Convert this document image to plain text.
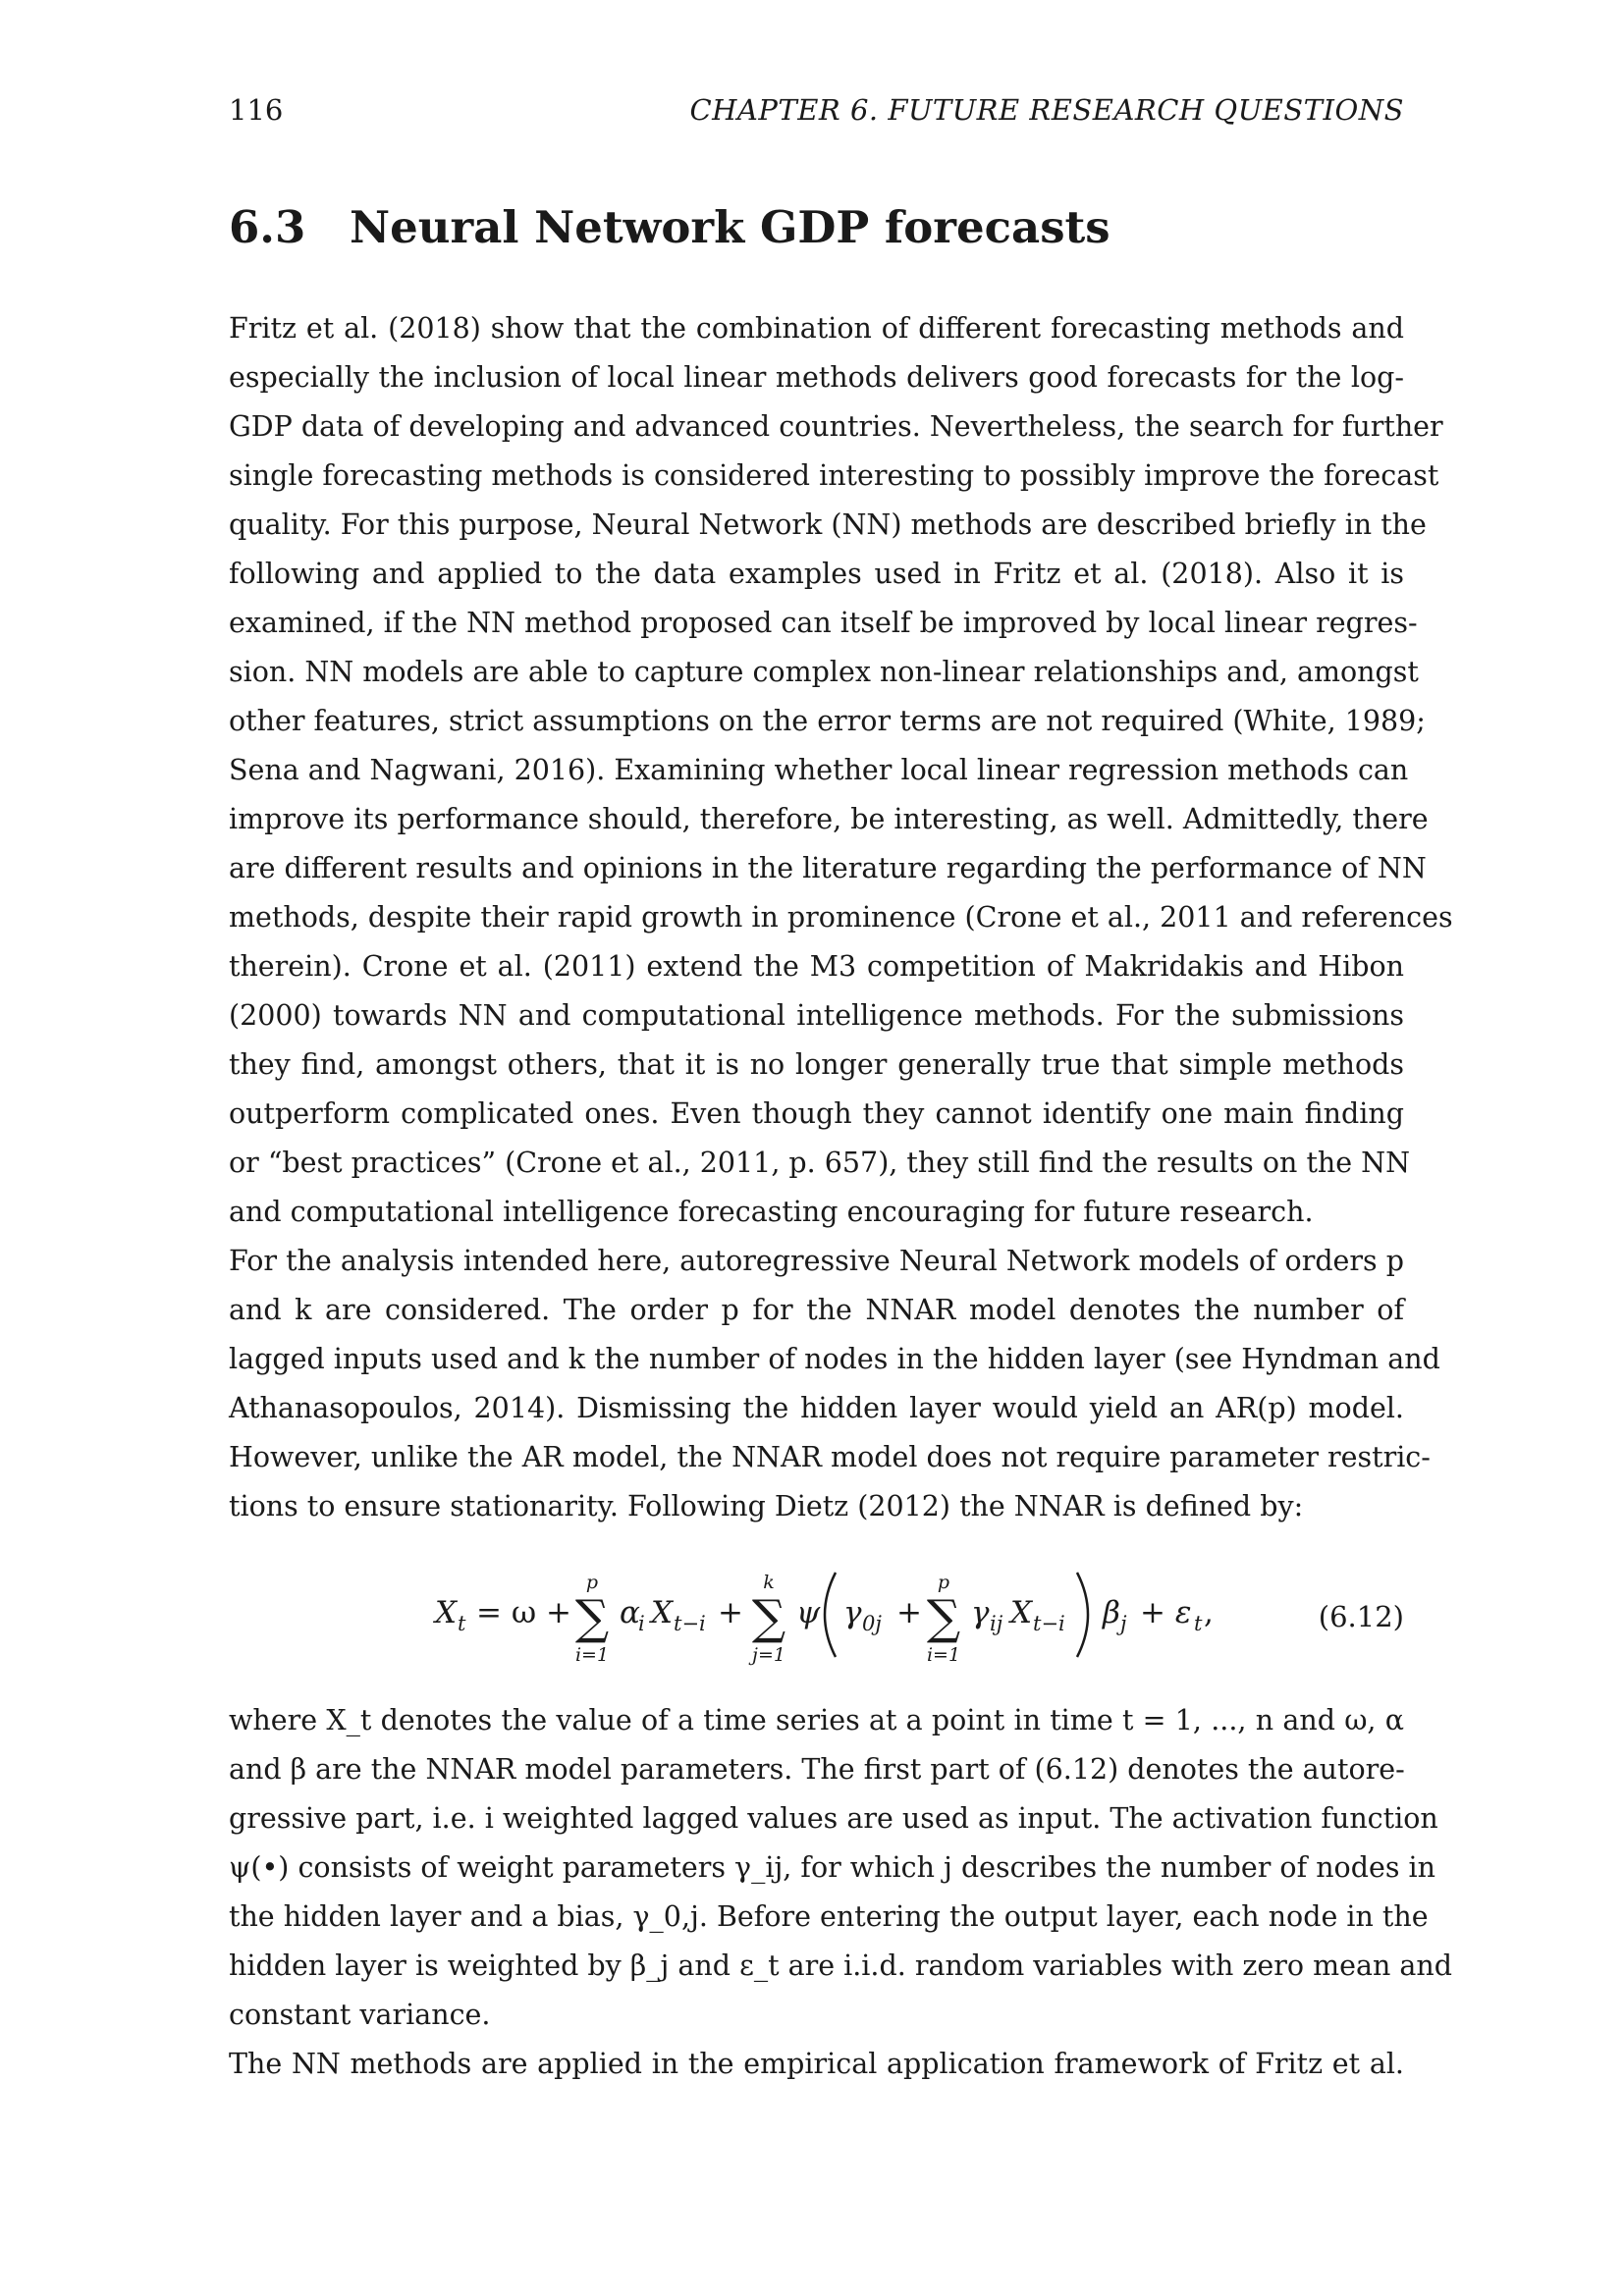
116	CHAPTER 6. FUTURE RESEARCH QUESTIONS
6.3 Neural Network GDP forecasts
Fritz et al. (2018) show that the combination of different forecasting methods and
especially the inclusion of local linear methods delivers good forecasts for the log-
GDP data of developing and advanced countries. Nevertheless, the search for further
single forecasting methods is considered interesting to possibly improve the forecast
quality. For this purpose, Neural Network (NN) methods are described briefly in the
following and applied to the data examples used in Fritz et al. (2018). Also it is
examined, if the NN method proposed can itself be improved by local linear regres-
sion. NN models are able to capture complex non-linear relationships and, amongst
other features, strict assumptions on the error terms are not required (White, 1989;
Sena and Nagwani, 2016). Examining whether local linear regression methods can
improve its performance should, therefore, be interesting, as well. Admittedly, there
are different results and opinions in the literature regarding the performance of NN
methods, despite their rapid growth in prominence (Crone et al., 2011 and references
therein). Crone et al. (2011) extend the M3 competition of Makridakis and Hibon
(2000) towards NN and computational intelligence methods. For the submissions
they find, amongst others, that it is no longer generally true that simple methods
outperform complicated ones. Even though they cannot identify one main finding
or “best practices” (Crone et al., 2011, p. 657), they still find the results on the NN
and computational intelligence forecasting encouraging for future research.
For the analysis intended here, autoregressive Neural Network models of orders p
and k are considered. The order p for the NNAR model denotes the number of
lagged inputs used and k the number of nodes in the hidden layer (see Hyndman and
Athanasopoulos, 2014). Dismissing the hidden layer would yield an AR(p) model.
However, unlike the AR model, the NNAR model does not require parameter restric-
tions to ensure stationarity. Following Dietz (2012) the NNAR is defined by:
X t = ω +
p
∑
i=1
α
i X t−i +
k
∑
j=1
ψ γ 0j +
p
∑
i=1
γ ij X t−i β j + ε t ,	(6.12)
where X_t denotes the value of a time series at a point in time t = 1, ..., n and ω, α
and β are the NNAR model parameters. The first part of (6.12) denotes the autore-
gressive part, i.e. i weighted lagged values are used as input. The activation function
ψ(•) consists of weight parameters γ_ij, for which j describes the number of nodes in
the hidden layer and a bias, γ_0,j. Before entering the output layer, each node in the
hidden layer is weighted by β_j and ε_t are i.i.d. random variables with zero mean and
constant variance.
The NN methods are applied in the empirical application framework of Fritz et al.
